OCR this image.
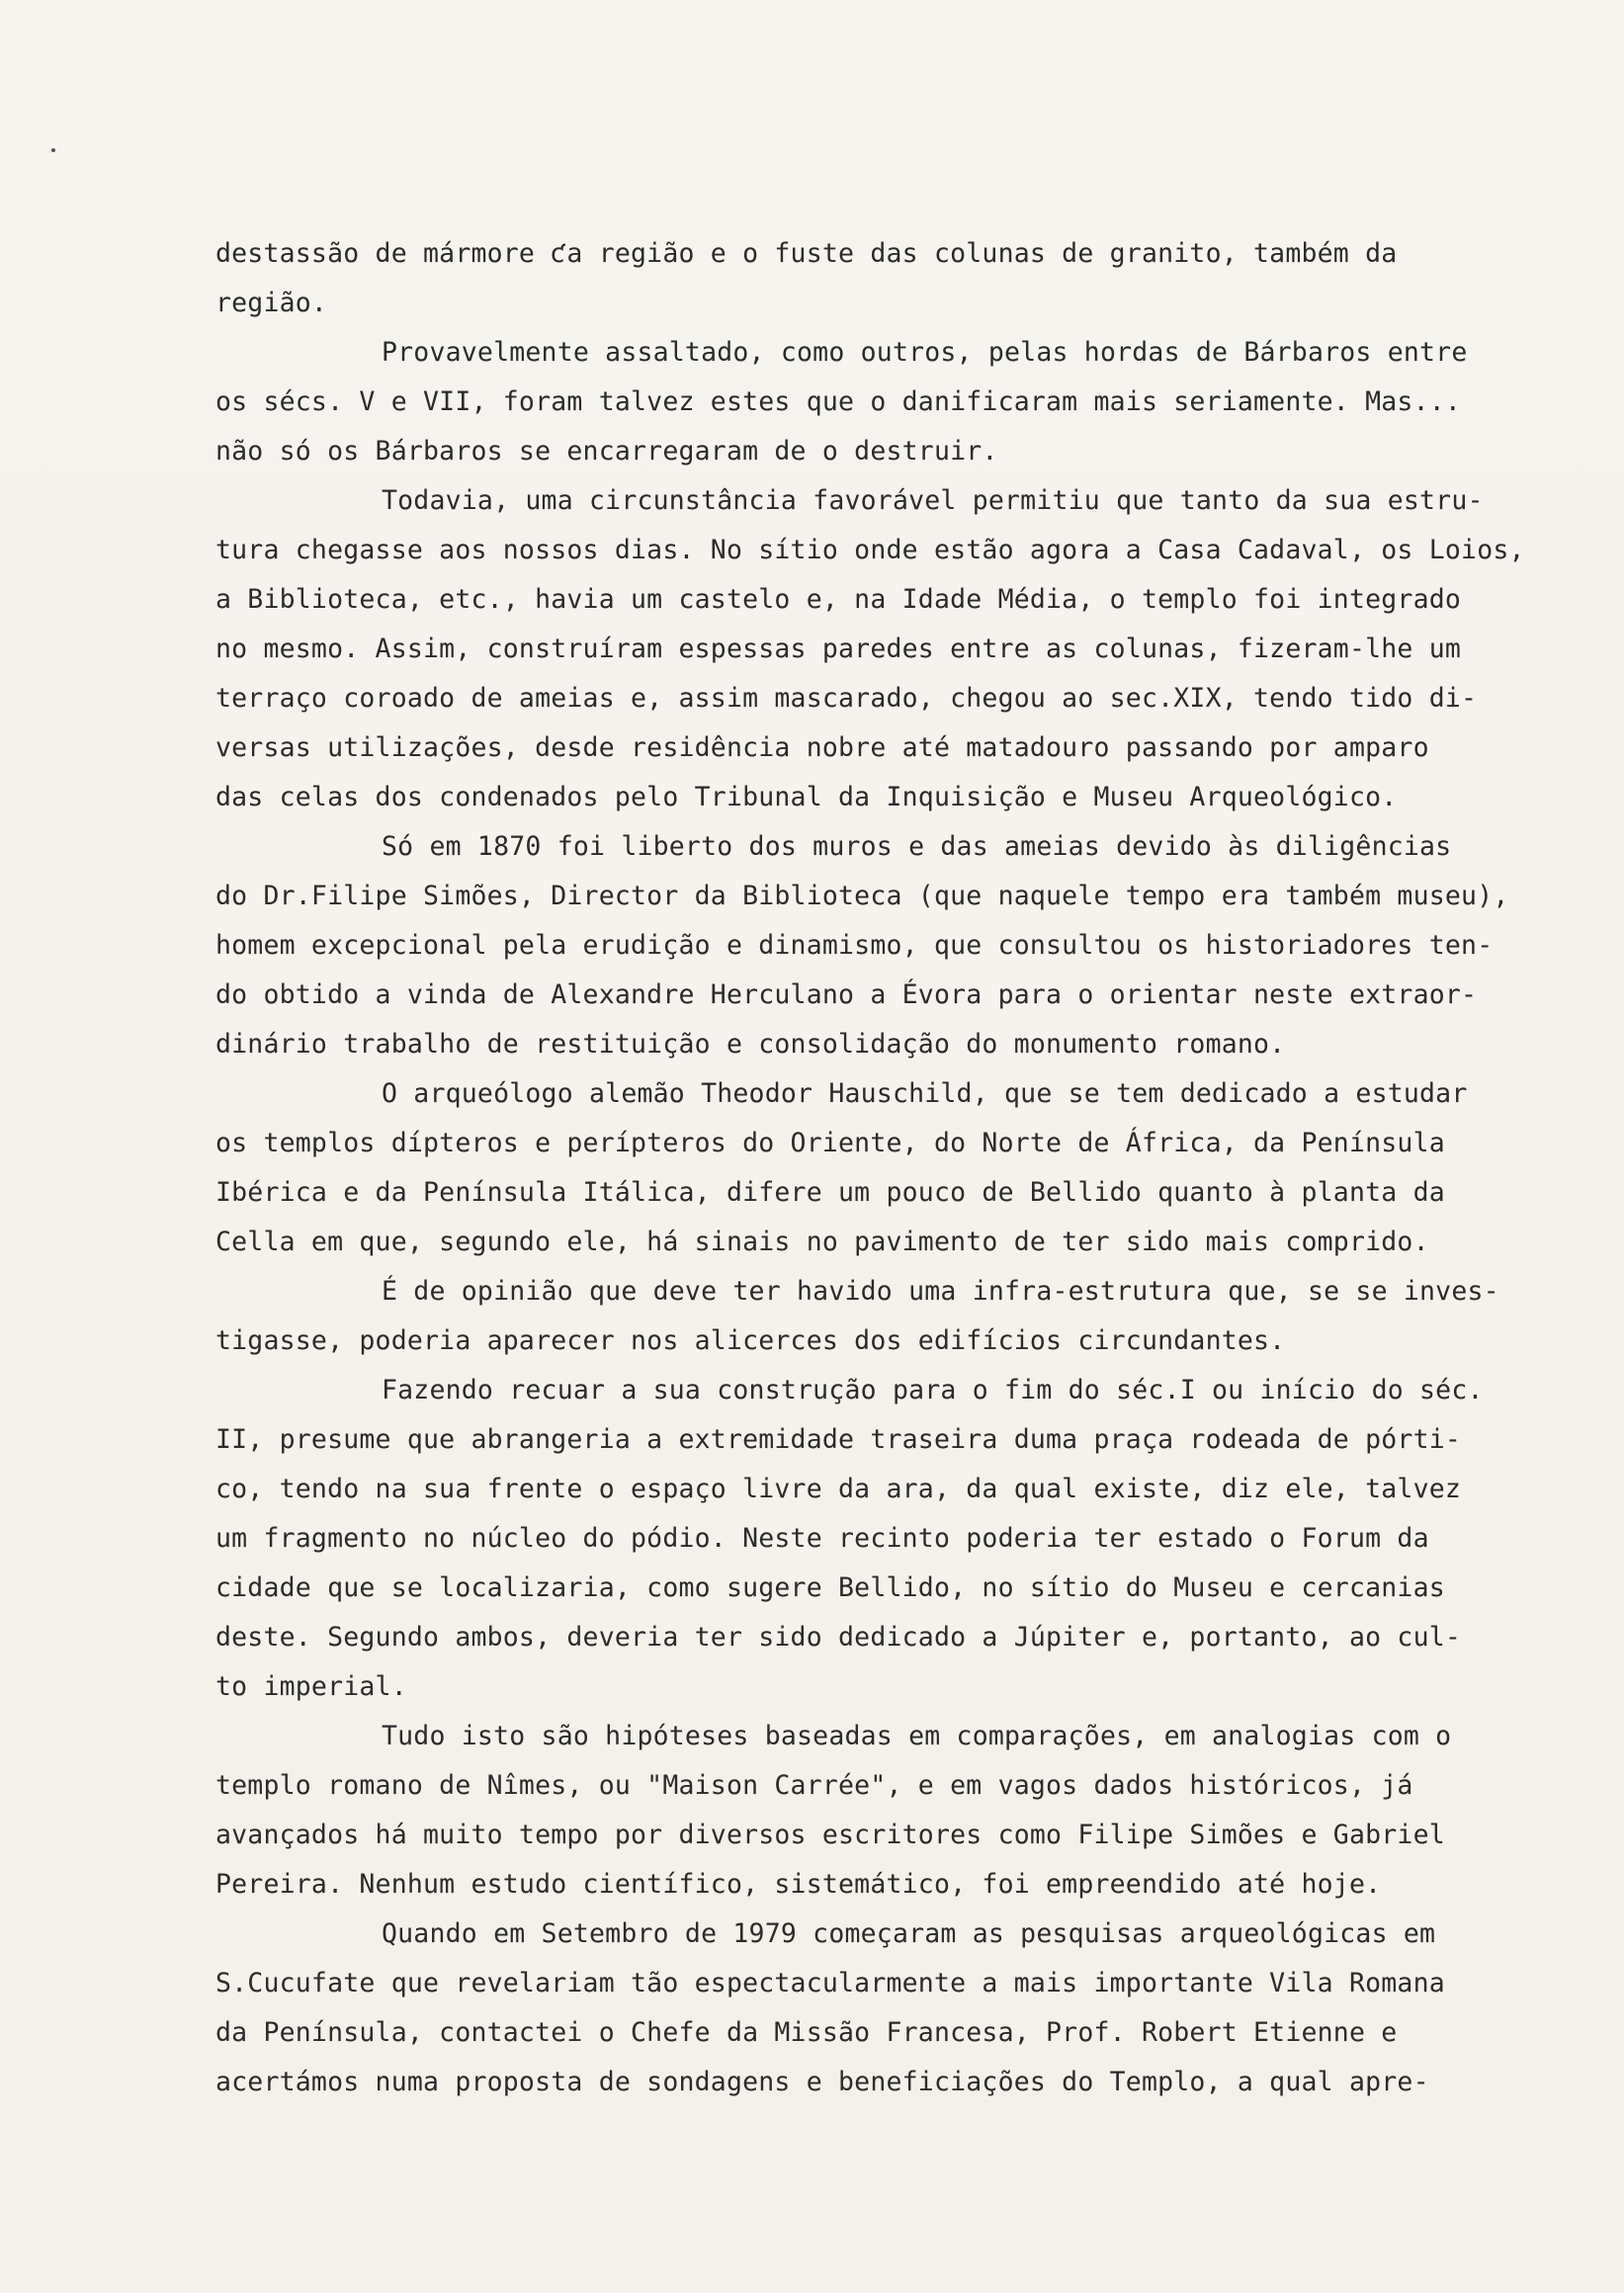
destaѕsão de mármore ƈa região e o fuste das colunas de granito, também da
região.
Provavelmente assaltado, como outros, pelas hordas de Bárbaros entre
os sécs. V e VII, foram talvez estes que o danificaram mais seriamente. Mas...
não só os Bárbaros se encarregaram de o destruir.
Todavia, uma circunstância favorável permitiu que tanto da sua estru-
tura chegasse aos nossos dias. No sítio onde estão agora a Casa Cadaval, os Loios,
a Biblioteca, etc., havia um castelo e, na Idade Média, o templo foi integrado
no mesmo. Assim, construíram espessas paredes entre as colunas, fizeram-lhe um
terraço coroado de ameias e, assim mascarado, chegou ao sec.XIX, tendo tido di-
versas utilizações, desde residência nobre até matadouro passando por amparo
das celas dos condenados pelo Tribunal da Inquisição e Museu Arqueológico.
Só em 1870 foi liberto dos muros e das ameias devido às diligências
do Dr.Filipe Simões, Director da Biblioteca (que naquele tempo era também museu),
homem excepcional pela erudição e dinamismo, que consultou os historiadores ten-
do obtido a vinda de Alexandre Herculano a Évora para o orientar neste extraor-
dinário trabalho de restituição e consolidação do monumento romano.
O arqueólogo alemão Theodor Hauschild, que se tem dedicado a estudar
os templos dípteros e perípteros do Oriente, do Norte de África, da Península
Ibérica e da Península Itálica, difere um pouco de Bellido quanto à planta da
Cella em que, segundo ele, há sinais no pavimento de ter sido mais comprido.
É de opinião que deve ter havido uma infra-estrutura que, se se inves-
tigasse, poderia aparecer nos alicerces dos edifícios circundantes.
Fazendo recuar a sua construção para o fim do séc.I ou início do séc.
II, presume que abrangeria a extremidade traseira duma praça rodeada de pórti-
co, tendo na sua frente o espaço livre da ara, da qual existe, diz ele, talvez
um fragmento no núcleo do pódio. Neste recinto poderia ter estado o Forum da
cidade que se localizaria, como sugere Bellido, no sítio do Museu e cercanias
deste. Segundo ambos, deveria ter sido dedicado a Júpiter e, portanto, ao cul-
to imperial.
Tudo isto são hipóteses baseadas em comparações, em analogias com o
templo romano de Nîmes, ou "Maison Carrée", e em vagos dados históricos, já
avançados há muito tempo por diversos escritores como Filipe Simões e Gabriel
Pereira. Nenhum estudo científico, sistemático, foi empreendido até hoje.
Quando em Setembro de 1979 começaram as pesquisas arqueológicas em
S.Cucufate que revelariam tão espectacularmente a mais importante Vila Romana
da Península, contactei o Chefe da Missão Francesa, Prof. Robert Etienne e
acertámos numa proposta de sondagens e beneficiações do Templo, a qual apre-
